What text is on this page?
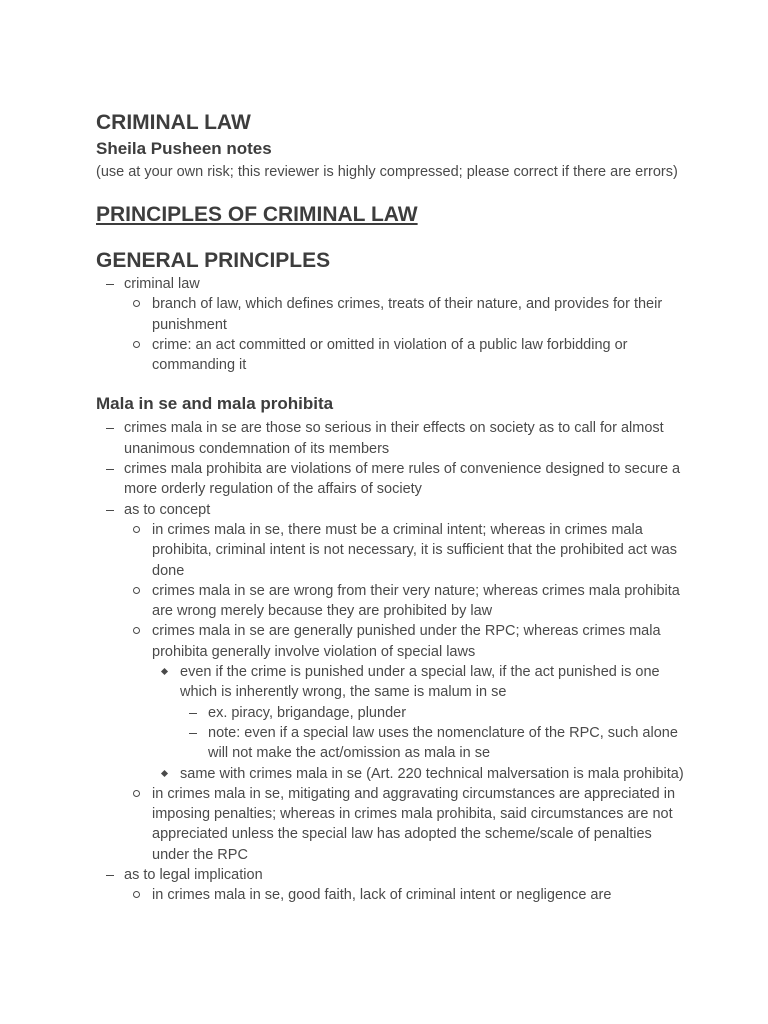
CRIMINAL LAW
Sheila Pusheen notes

(use at your own risk; this reviewer is highly compressed; please correct if there are errors)

PRINCIPLES OF CRIMINAL LAW
GENERAL PRINCIPLES
criminal law
branch of law, which defines crimes, treats of their nature, and provides for their punishment
crime: an act committed or omitted in violation of a public law forbidding or commanding it
Mala in se and mala prohibita
crimes mala in se are those so serious in their effects on society as to call for almost unanimous condemnation of its members
crimes mala prohibita are violations of mere rules of convenience designed to secure a more orderly regulation of the affairs of society
as to concept
in crimes mala in se, there must be a criminal intent; whereas in crimes mala prohibita, criminal intent is not necessary, it is sufficient that the prohibited act was done
crimes mala in se are wrong from their very nature; whereas crimes mala prohibita are wrong merely because they are prohibited by law
crimes mala in se are generally punished under the RPC; whereas crimes mala prohibita generally involve violation of special laws
even if the crime is punished under a special law, if the act punished is one which is inherently wrong, the same is malum in se
ex. piracy, brigandage, plunder
note: even if a special law uses the nomenclature of the RPC, such alone will not make the act/omission as mala in se
same with crimes mala in se (Art. 220 technical malversation is mala prohibita)
in crimes mala in se, mitigating and aggravating circumstances are appreciated in imposing penalties; whereas in crimes mala prohibita, said circumstances are not appreciated unless the special law has adopted the scheme/scale of penalties under the RPC
as to legal implication
in crimes mala in se, good faith, lack of criminal intent or negligence are
